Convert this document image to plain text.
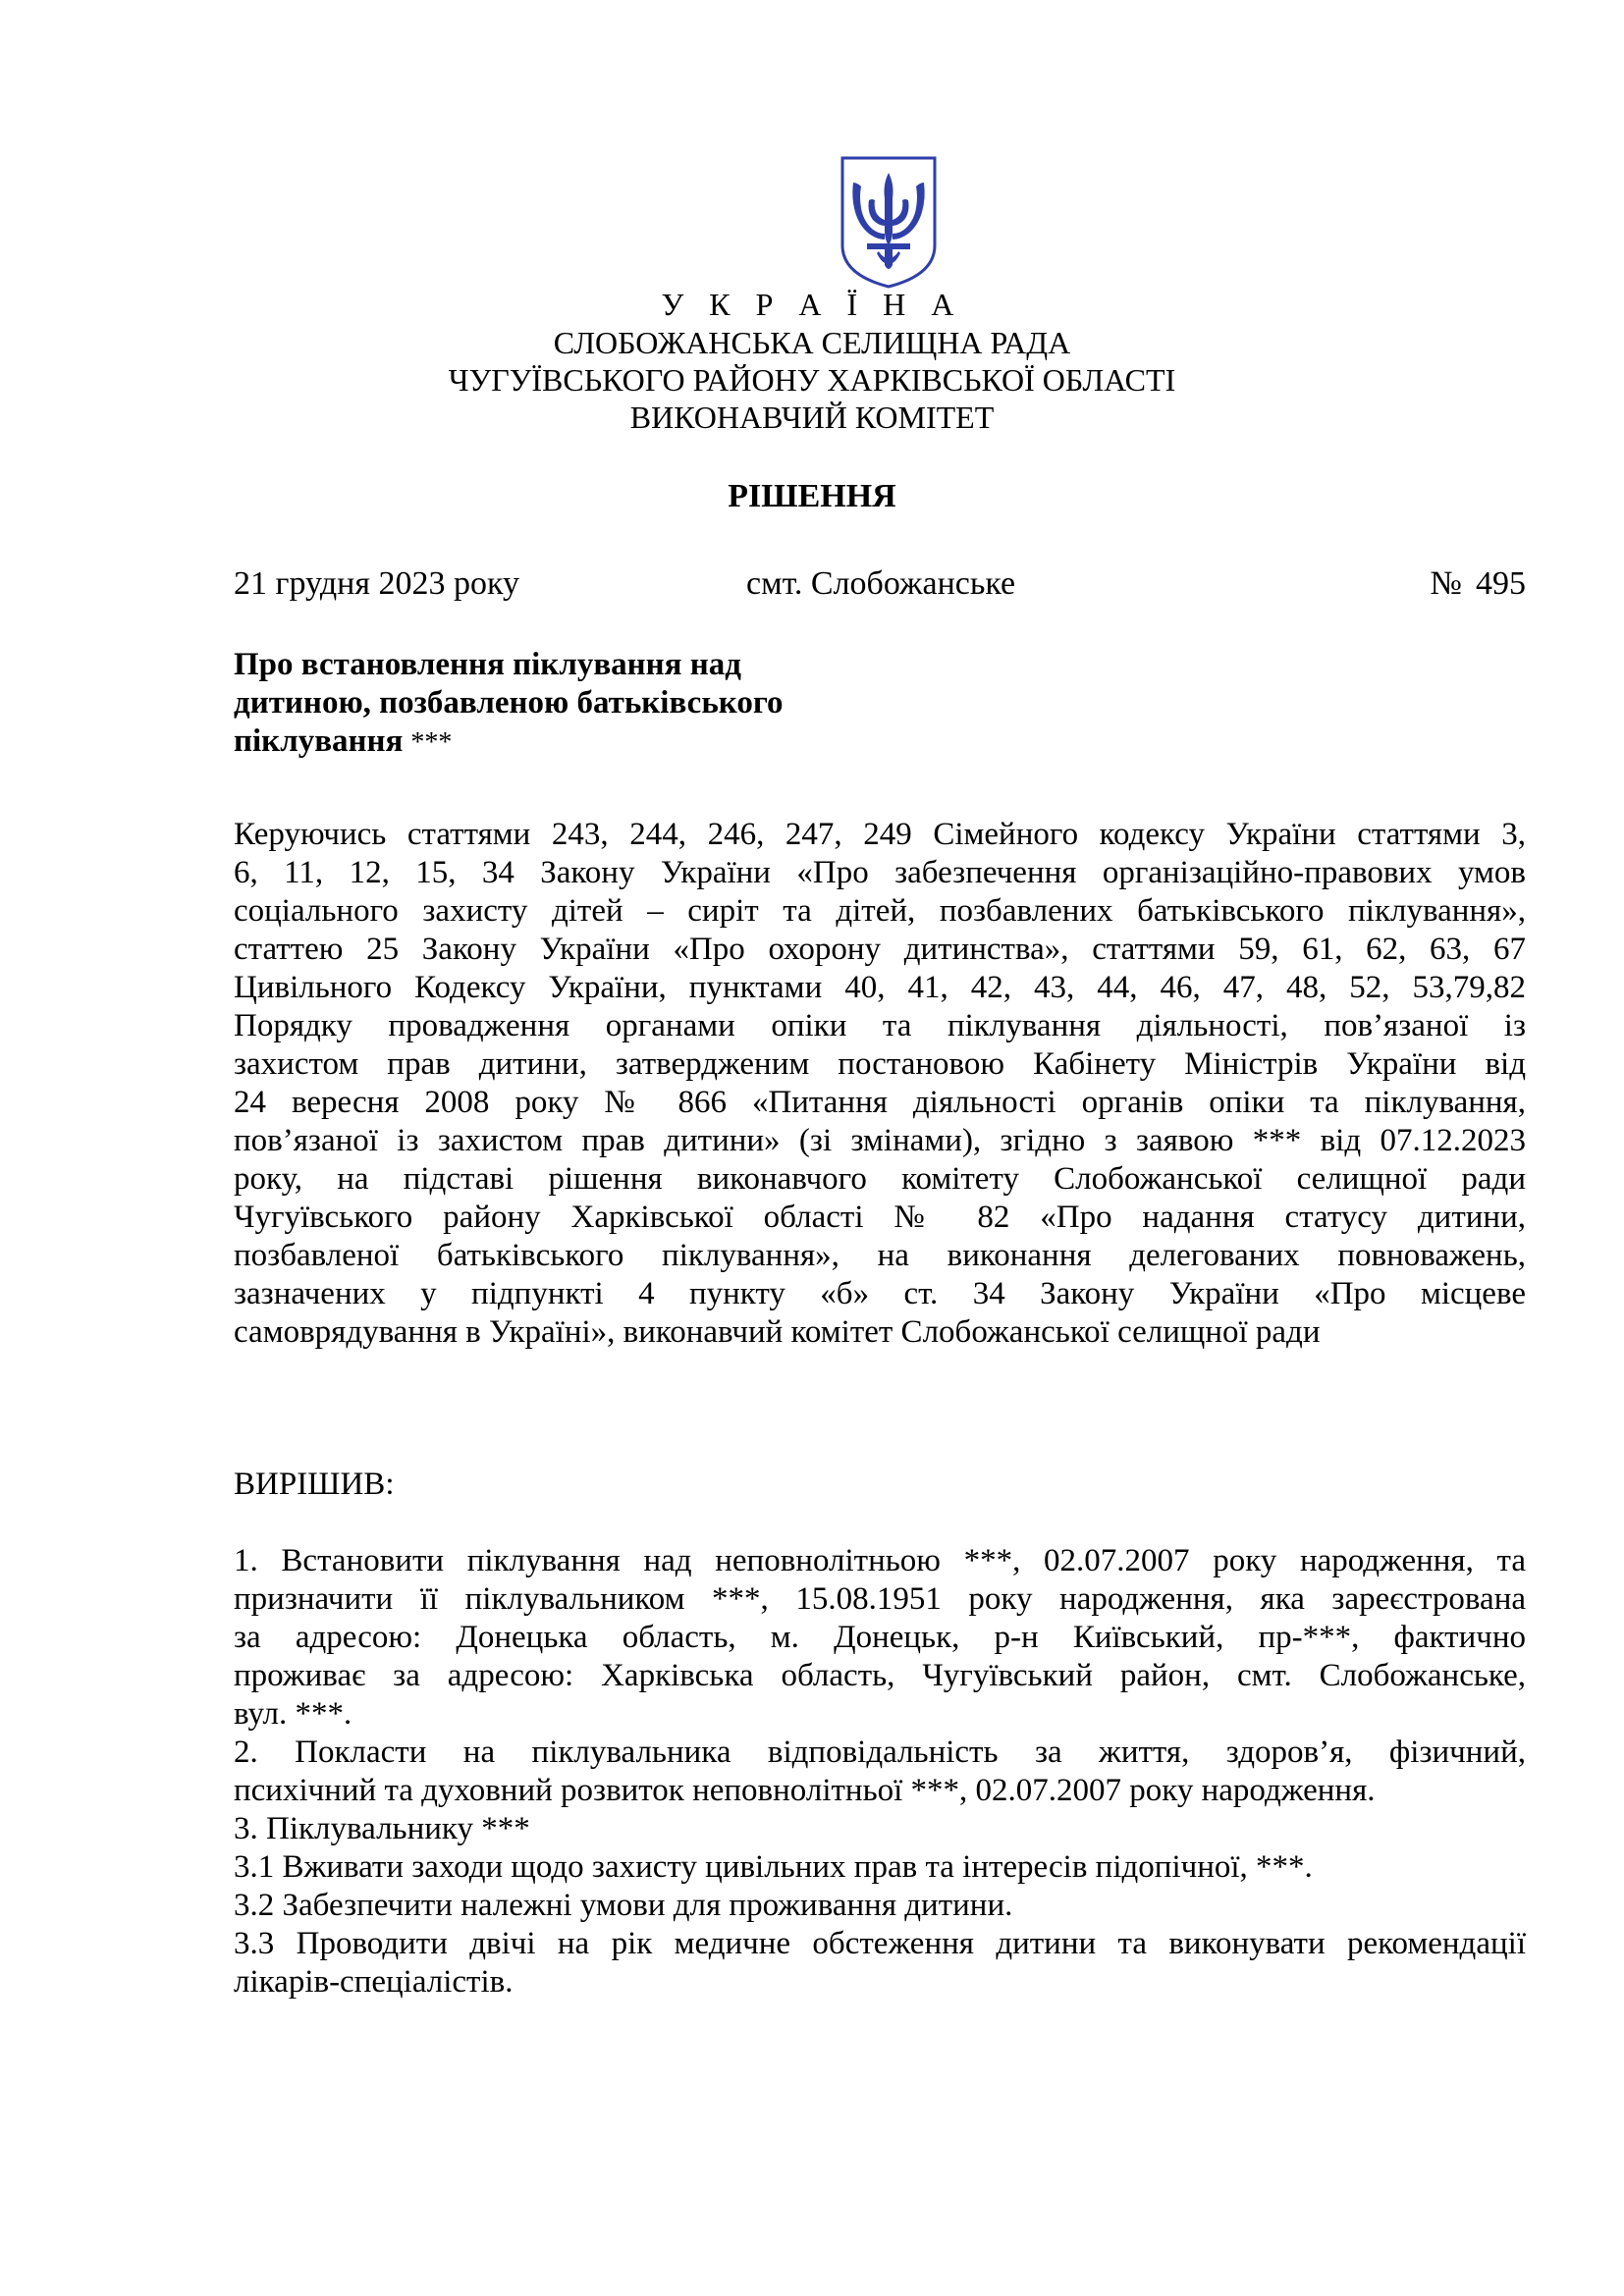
У К Р А Ї Н А
СЛОБОЖАНСЬКА СЕЛИЩНА РАДА
ЧУГУЇВСЬКОГО РАЙОНУ ХАРКІВСЬКОЇ ОБЛАСТІ
ВИКОНАВЧИЙ КОМІТЕТ
РІШЕННЯ
21 грудня 2023 року	смт. Слобожанське	№ 495
Про встановлення піклування над
дитиною, позбавленою батьківського
піклування ***
Керуючись статтями 243, 244, 246, 247, 249 Сімейного кодексу України статтями 3,
6, 11, 12, 15, 34 Закону України «Про забезпечення організаційно-правових умов
соціального захисту дітей – сиріт та дітей, позбавлених батьківського піклування»,
статтею 25 Закону України «Про охорону дитинства», статтями 59, 61, 62, 63, 67
Цивільного Кодексу України, пунктами 40, 41, 42, 43, 44, 46, 47, 48, 52, 53,79,82
Порядку провадження органами опіки та піклування діяльності, пов’язаної із
захистом прав дитини, затвердженим постановою Кабінету Міністрів України від
24 вересня 2008 року № 866 «Питання діяльності органів опіки та піклування,
пов’язаної із захистом прав дитини» (зі змінами), згідно з заявою *** від 07.12.2023
року, на підставі рішення виконавчого комітету Слобожанської селищної ради
Чугуївського району Харківської області № 82 «Про надання статусу дитини,
позбавленої батьківського піклування», на виконання делегованих повноважень,
зазначених у підпункті 4 пункту «б» ст. 34 Закону України «Про місцеве
самоврядування в Україні», виконавчий комітет Слобожанської селищної ради
ВИРІШИВ:
1. Встановити піклування над неповнолітньою ***, 02.07.2007 року народження, та
призначити її піклувальником ***, 15.08.1951 року народження, яка зареєстрована
за адресою: Донецька область, м. Донецьк, р-н Київський, пр-***, фактично
проживає за адресою: Харківська область, Чугуївський район, смт. Слобожанське,
вул. ***.
2. Покласти на піклувальника відповідальність за життя, здоров’я, фізичний,
психічний та духовний розвиток неповнолітньої ***, 02.07.2007 року народження.
3. Піклувальнику ***
3.1 Вживати заходи щодо захисту цивільних прав та інтересів підопічної, ***.
3.2 Забезпечити належні умови для проживання дитини.
3.3 Проводити двічі на рік медичне обстеження дитини та виконувати рекомендації
лікарів-спеціалістів.
